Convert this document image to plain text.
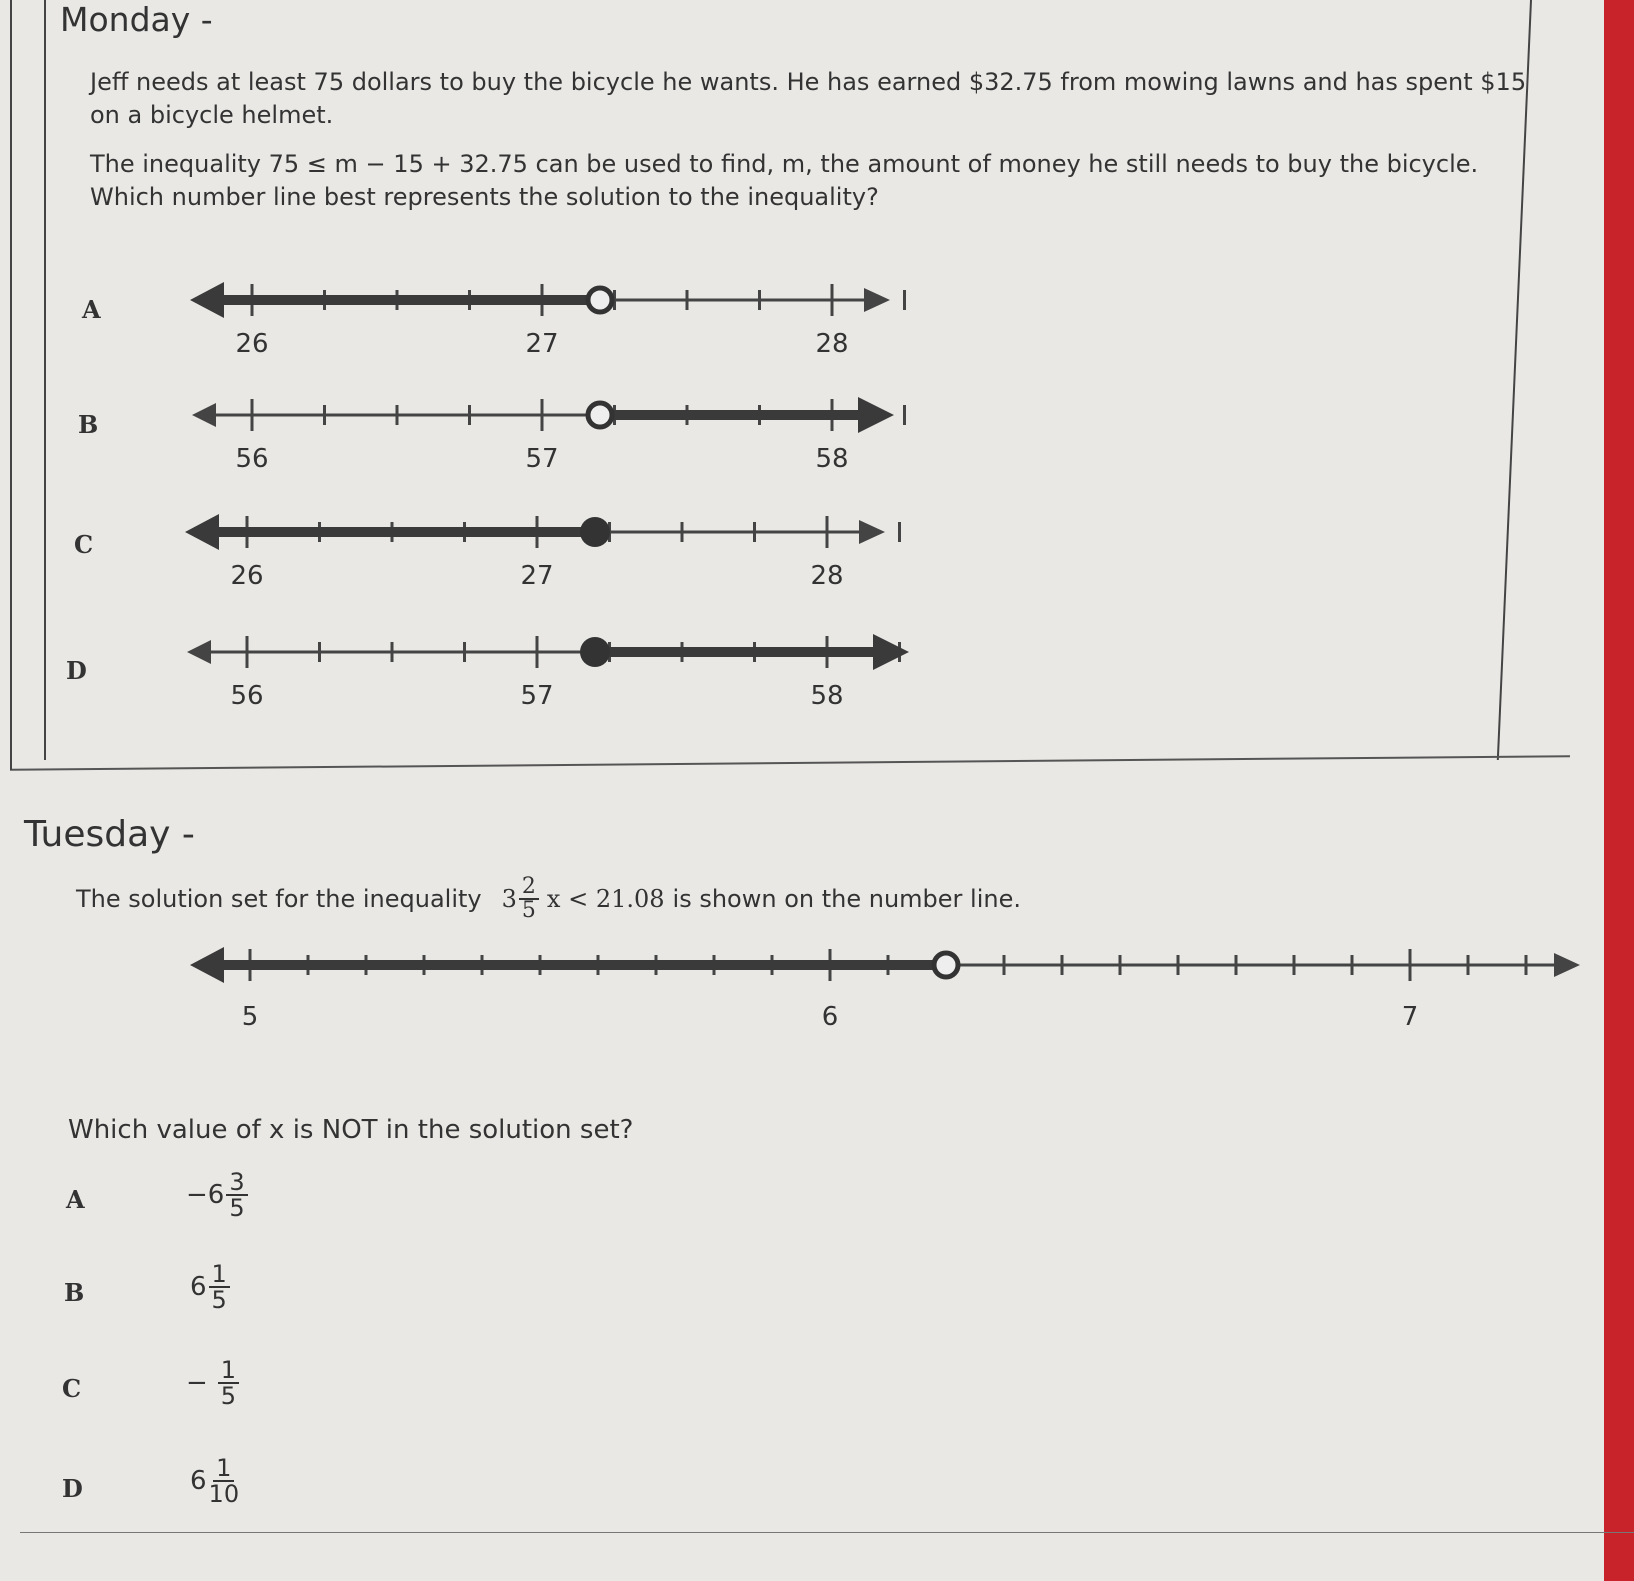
Monday -
Jeff needs at least 75 dollars to buy the bicycle he wants. He has earned $32.75 from mowing lawns and has spent $15 on a bicycle helmet.
The inequality 75 ≤ m − 15 + 32.75 can be used to find, m, the amount of money he still needs to buy the bicycle. Which number line best represents the solution to the inequality?
A
26	27	28
B
56	57	58
C
26	27	28
D
56	57	58
Tuesday -
The solution set for the inequality $3 \frac{2}{5}$ x < 21.08 is shown on the number line.
5	6	7
Which value of x is NOT in the solution set?
A	− $6 \frac{3}{5}$
B	$6 \frac{1}{5}$
C	− $\frac{1}{5}$
D	$6 \frac{1}{10}$
